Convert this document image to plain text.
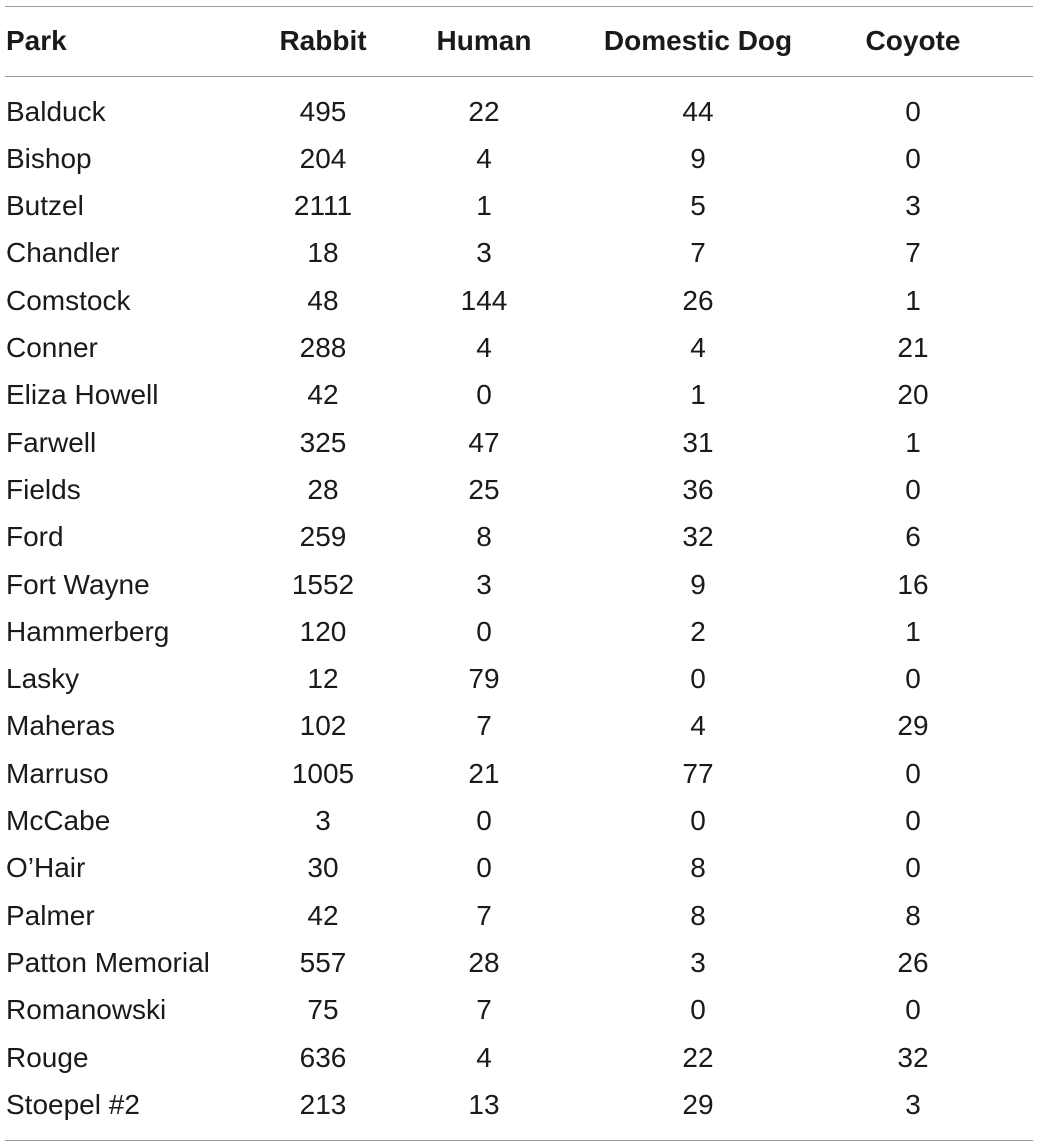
Park	Rabbit	Human	Domestic Dog	Coyote
Balduck	495	22	44	0
Bishop	204	4	9	0
Butzel	2111	1	5	3
Chandler	18	3	7	7
Comstock	48	144	26	1
Conner	288	4	4	21
Eliza Howell	42	0	1	20
Farwell	325	47	31	1
Fields	28	25	36	0
Ford	259	8	32	6
Fort Wayne	1552	3	9	16
Hammerberg	120	0	2	1
Lasky	12	79	0	0
Maheras	102	7	4	29
Marruso	1005	21	77	0
McCabe	3	0	0	0
O’Hair	30	0	8	0
Palmer	42	7	8	8
Patton Memorial	557	28	3	26
Romanowski	75	7	0	0
Rouge	636	4	22	32
Stoepel #2	213	13	29	3
